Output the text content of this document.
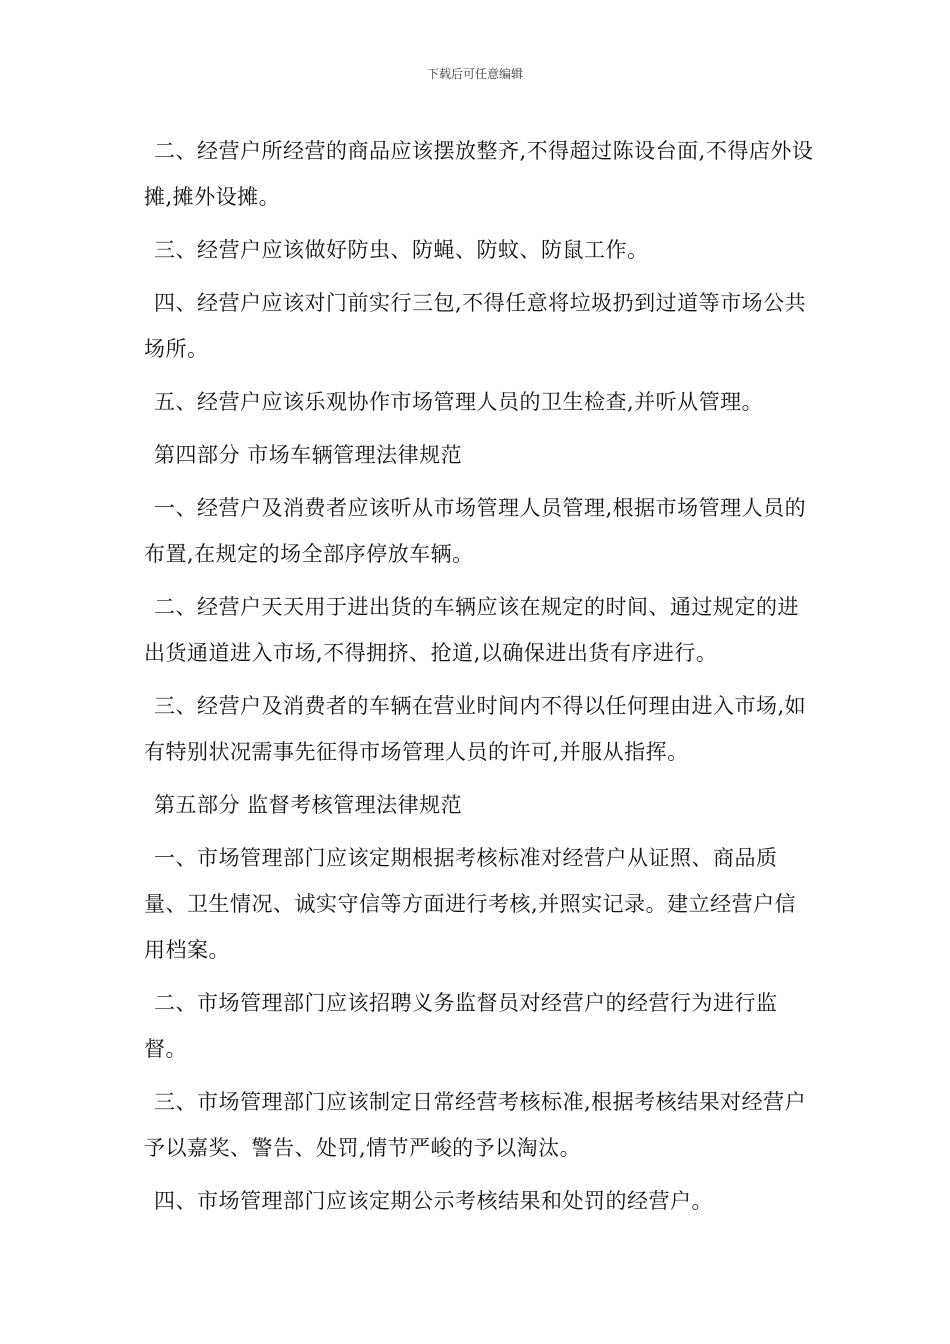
下载后可任意编辑

二、经营户所经营的商品应该摆放整齐,不得超过陈设台面,不得店外设摊,摊外设摊。

三、经营户应该做好防虫、防蝇、防蚊、防鼠工作。

四、经营户应该对门前实行三包,不得任意将垃圾扔到过道等市场公共场所。

五、经营户应该乐观协作市场管理人员的卫生检查,并听从管理。

第四部分 市场车辆管理法律规范

一、经营户及消费者应该听从市场管理人员管理,根据市场管理人员的布置,在规定的场全部序停放车辆。

二、经营户天天用于进出货的车辆应该在规定的时间、通过规定的进出货通道进入市场,不得拥挤、抢道,以确保进出货有序进行。

三、经营户及消费者的车辆在营业时间内不得以任何理由进入市场,如有特别状况需事先征得市场管理人员的许可,并服从指挥。

第五部分 监督考核管理法律规范

一、市场管理部门应该定期根据考核标准对经营户从证照、商品质量、卫生情况、诚实守信等方面进行考核,并照实记录。建立经营户信用档案。

二、市场管理部门应该招聘义务监督员对经营户的经营行为进行监督。

三、市场管理部门应该制定日常经营考核标准,根据考核结果对经营户予以嘉奖、警告、处罚,情节严峻的予以淘汰。

四、市场管理部门应该定期公示考核结果和处罚的经营户。
